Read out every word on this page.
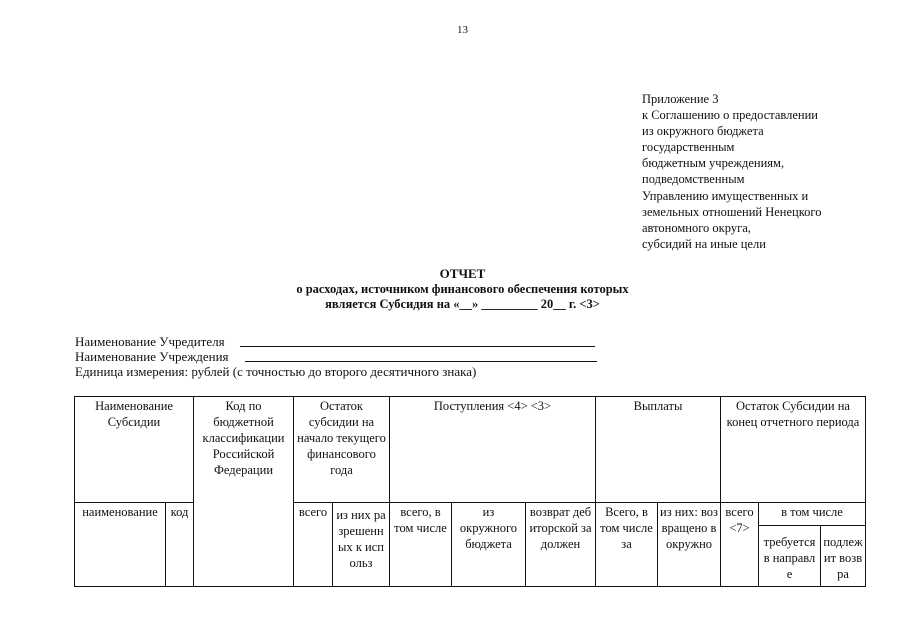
13
Приложение 3
к Соглашению о предоставлении
из окружного бюджета
государственным
бюджетным учреждениям,
подведомственным
Управлению имущественных и
земельных отношений Ненецкого
автономного округа,
субсидий на иные цели
ОТЧЕТ
о расходах, источником финансового обеспечения которых
является Субсидия на «__» _________ 20__ г. <3>
Наименование Учредителя
Наименование Учреждения
Единица измерения: рублей (с точностью до второго десятичного знака)
Наименование Субсидии		Код по бюджетной классификации Российской Федерации	Остаток субсидии на начало текущего финансового года		Поступления <4> <3>			Выплаты		Остаток Субсидии на конец отчетного периода		
наименование	код		всего	из них разрешенных к использ	всего, в том числе	из окружного бюджета	возврат дебиторской задолжен	Всего, в том числе за	из них: возвращено в окружно	всего <7>	в том числе	
											требуется в направле	подлежит возвра
